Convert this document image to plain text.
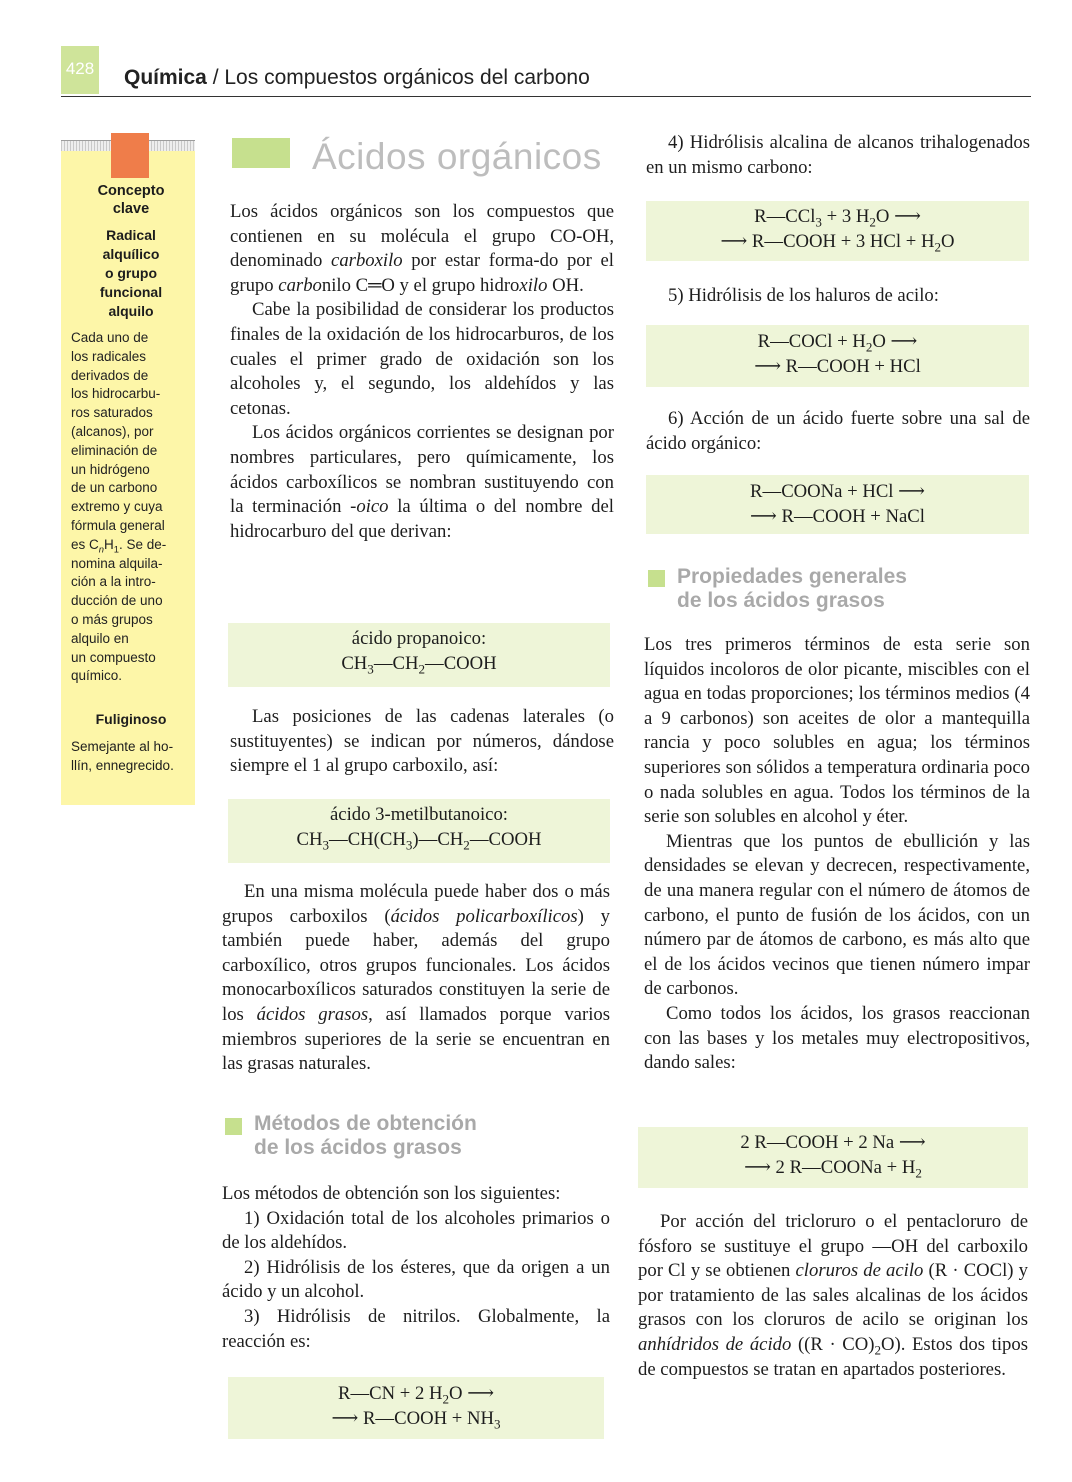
428 Química / Los compuestos orgánicos del carbono
Concepto
clave
Radical
alquílico
o grupo
funcional
alquilo
Cada uno de
los radicales
derivados de
los hidrocarbu-
ros saturados
(alcanos), por
eliminación de
un hidrógeno
de un carbono
extremo y cuya
fórmula general
es $C_nH_1$. Se de-
nomina alquila-
ción a la intro-
ducción de uno
o más grupos
alquilo en
un compuesto
químico.
Fuliginoso
Semejante al ho-
llín, ennegrecido.
Ácidos orgánicos

Los ácidos orgánicos son los compuestos que contienen en su molécula el grupo CO-OH, denominado carboxilo por estar forma-do por el grupo carbonilo C═O y el grupo hidroxilo OH.

Cabe la posibilidad de considerar los productos finales de la oxidación de los hidrocarburos, de los cuales el primer grado de oxidación son los alcoholes y, el segundo, los aldehídos y las cetonas.

Los ácidos orgánicos corrientes se designan por nombres particulares, pero químicamente, los ácidos carboxílicos se nombran sustituyendo con la terminación -oico la última o del nombre del hidrocarburo del que derivan:

ácido propanoico:
$CH_3—CH_2—COOH$

Las posiciones de las cadenas laterales (o sustituyentes) se indican por números, dándose siempre el 1 al grupo carboxilo, así:

ácido 3-metilbutanoico:
$CH_3—CH(CH_3)—CH_2—COOH$

En una misma molécula puede haber dos o más grupos carboxilos (ácidos policarboxílicos) y también puede haber, además del grupo carboxílico, otros grupos funcionales. Los ácidos monocarboxílicos saturados constituyen la serie de los ácidos grasos, así llamados porque varios miembros superiores de la serie se encuentran en las grasas naturales.

Métodos de obtención
de los ácidos grasos

Los métodos de obtención son los siguientes:

1) Oxidación total de los alcoholes primarios o de los aldehídos.

2) Hidrólisis de los ésteres, que da origen a un ácido y un alcohol.

3) Hidrólisis de nitrilos. Globalmente, la reacción es:

R—CN + 2 $H_2O$ ⟶
⟶ R—COOH + $NH_3$

4) Hidrólisis alcalina de alcanos trihalogenados en un mismo carbono:

R—CCl$_3$ + 3 $H_2O$ ⟶
⟶ R—COOH + 3 HCl + $H_2O$

5) Hidrólisis de los haluros de acilo:

R—COCl + $H_2O$ ⟶
⟶ R—COOH + HCl

6) Acción de un ácido fuerte sobre una sal de ácido orgánico:

R—COONa + HCl ⟶
⟶ R—COOH + NaCl
Propiedades generales
de los ácidos grasos

Los tres primeros términos de esta serie son líquidos incoloros de olor picante, miscibles con el agua en todas proporciones; los términos medios (4 a 9 carbonos) son aceites de olor a mantequilla rancia y poco solubles en agua; los términos superiores son sólidos a temperatura ordinaria poco o nada solubles en agua. Todos los términos de la serie son solubles en alcohol y éter.

Mientras que los puntos de ebullición y las densidades se elevan y decrecen, respectivamente, de una manera regular con el número de átomos de carbono, el punto de fusión de los ácidos, con un número par de átomos de carbono, es más alto que el de los ácidos vecinos que tienen número impar de carbonos.

Como todos los ácidos, los grasos reaccionan con las bases y los metales muy electropositivos, dando sales:

2 R—COOH + 2 Na ⟶
⟶ 2 R—COONa + $H_2$

Por acción del tricloruro o el pentacloruro de fósforo se sustituye el grupo —OH del carboxilo por Cl y se obtienen cloruros de acilo (R · COCl) y por tratamiento de las sales alcalinas de los ácidos grasos con los cloruros de acilo se originan los anhídridos de ácido $((R \cdot CO)_2O)$. Estos dos tipos de compuestos se tratan en apartados posteriores.
